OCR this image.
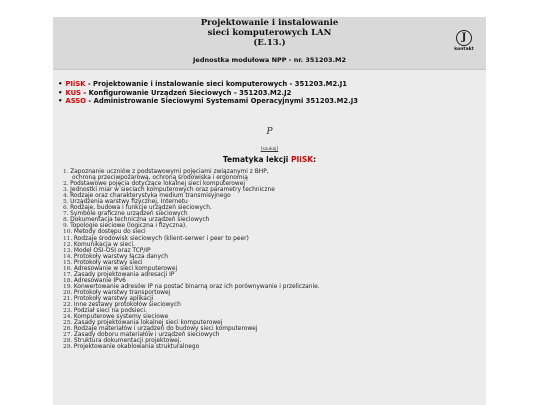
Projektowanie i instalowanie
sieci komputerowych LAN
(E.13.)
Jednostka modułowa NPP - nr. 351203.M2
J
kontakt
• PIiSK - Projektowanie i instalowanie sieci komputerowych - 351203.M2.J1
• KUS - Konfigurowanie Urządzeń Sieciowych - 351203.M2.J2
• ASSO - Administrowanie Sieciowymi Systemami Operacyjnymi 351203.M2.J3
P
[szukaj]
Tematyka lekcji PIiSK:
1. Zapoznanie uczniów z podstawowymi pojęciami związanymi z BHP,
ochroną przeciwpożarową, ochroną środowiska i ergonomią
2. Podstawowe pojęcia dotyczące lokalnej sieci komputerowej
3. Jednostki miar w sieciach komputerowych oraz parametry techniczne
4. Rodzaje oraz charakterystyka medium transmisyjnego
5. Urządzenia warstwy fizycznej, Internetu
6. Rodzaje, budowa i funkcje urządzeń sieciowych.
7. Symbole graficzne urządzeń sieciowych
8. Dokumentacja techniczna urządzeń sieciowych
9. Topologie sieciowe (logiczna i fizyczna).
10. Metody dostępu do sieci
11. Rodzaje środowisk sieciowych (klient-serwer i peer to peer)
12. Komunikacja w sieci.
13. Model OSI-OSI oraz TCP/IP
14. Protokoły warstwy łącza danych
15. Protokoły warstwy sieci
16. Adresowanie w sieci komputerowej
17. Zasady projektowania adresacji IP
18. Adresowanie IPv6
19. Konwertowanie adresów IP na postać binarną oraz ich porównywanie i przeliczanie.
20. Protokoły warstwy transportowej
21. Protokoły warstwy aplikacji
22. Inne zestawy protokołów sieciowych
23. Podział sieci na podsieci.
24. Komputerowe systemy sieciowe
25. Zasady projektowania lokalnej sieci komputerowej
26. Rodzaje materiałów i urządzeń do budowy sieci komputerowej
27. Zasady doboru materiałów i urządzeń sieciowych
28. Struktura dokumentacji projektowej.
29. Projektowanie okablowania strukturalnego
